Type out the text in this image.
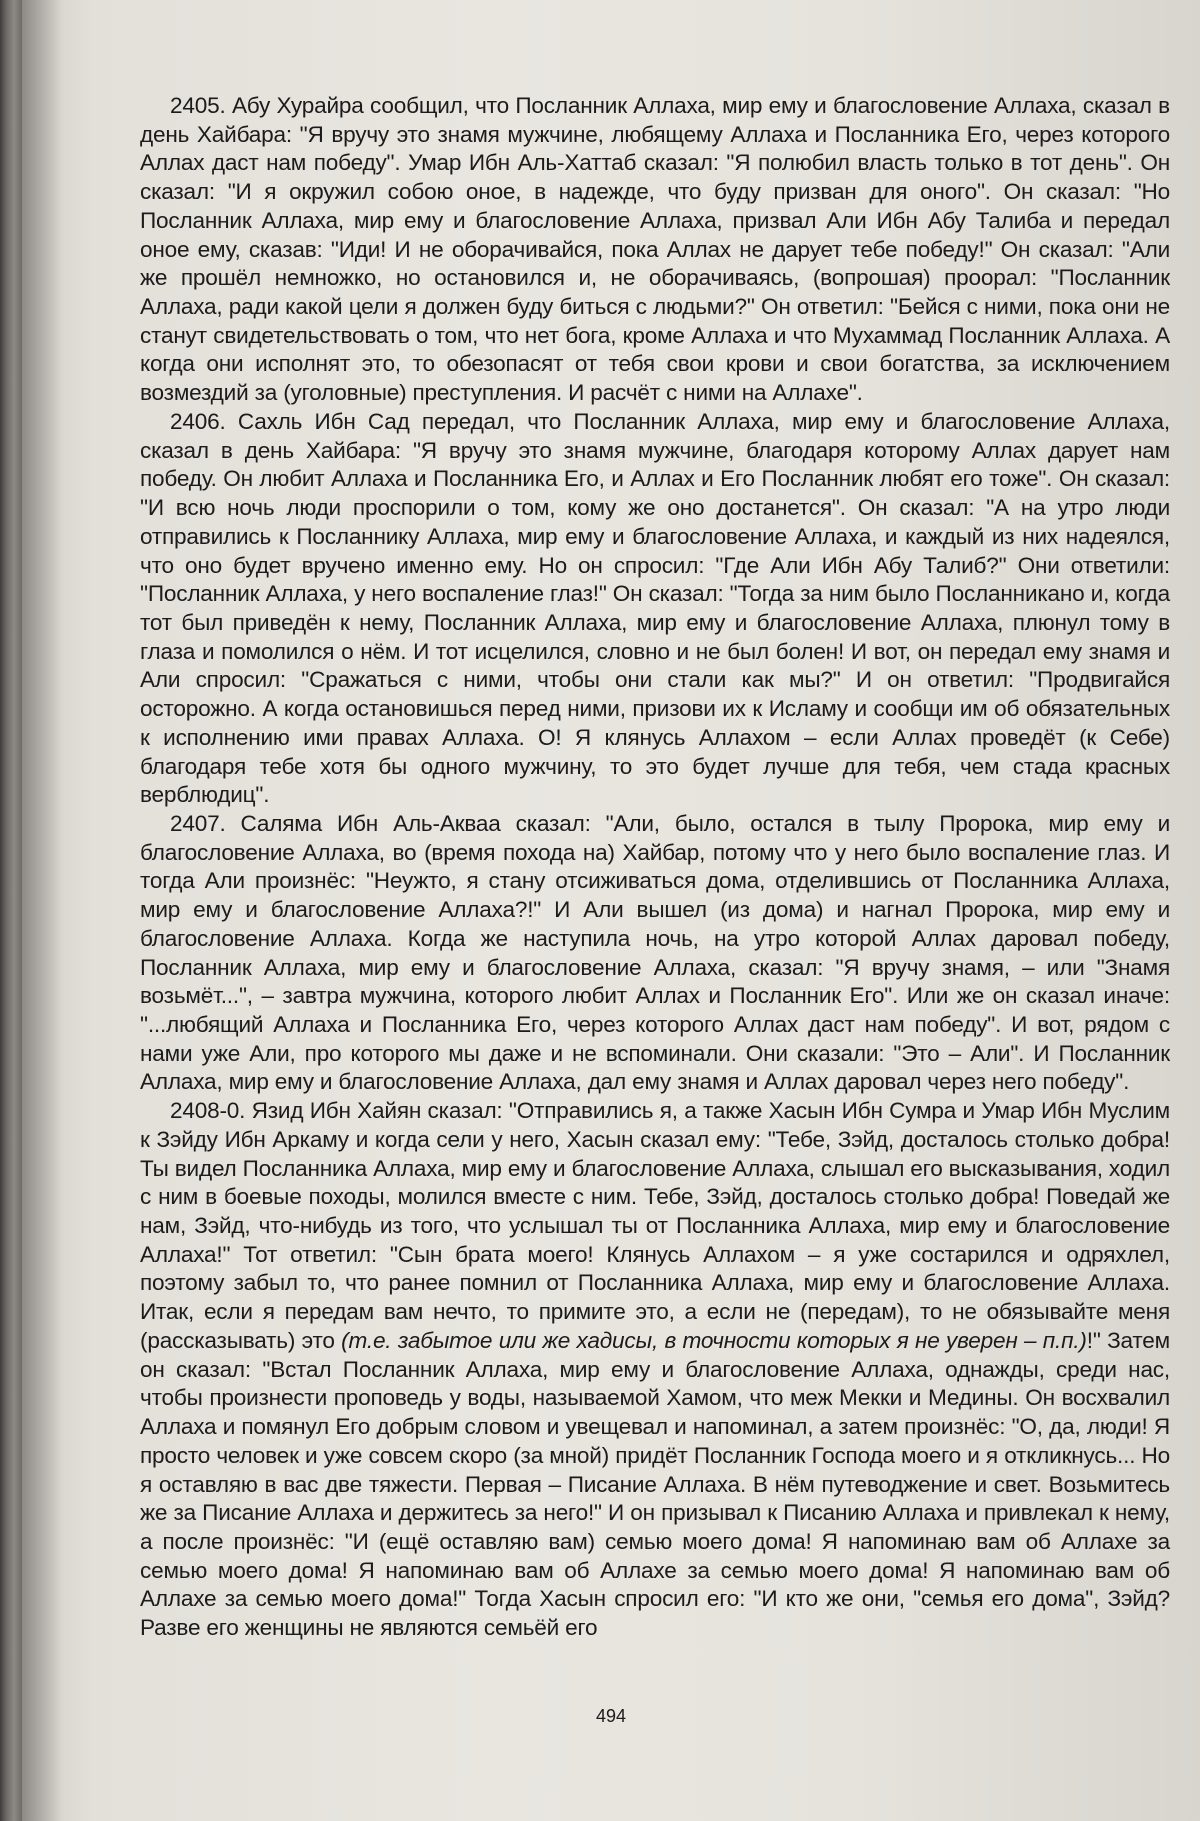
2405. Абу Хурайра сообщил, что Посланник Аллаха, мир ему и благословение Аллаха, сказал в день Хайбара: "Я вручу это знамя мужчине, любящему Аллаха и Посланника Его, через которого Аллах даст нам победу". Умар Ибн Аль-Хаттаб сказал: "Я полюбил власть только в тот день". Он сказал: "И я окружил собою оное, в надежде, что буду призван для оного". Он сказал: "Но Посланник Аллаха, мир ему и благословение Аллаха, призвал Али Ибн Абу Талиба и передал оное ему, сказав: "Иди! И не оборачивайся, пока Аллах не дарует тебе победу!" Он сказал: "Али же прошёл немножко, но остановился и, не оборачиваясь, (вопрошая) проорал: "Посланник Аллаха, ради какой цели я должен буду биться с людьми?" Он ответил: "Бейся с ними, пока они не станут свидетельствовать о том, что нет бога, кроме Аллаха и что Мухаммад Посланник Аллаха. А когда они исполнят это, то обезопасят от тебя свои крови и свои богатства, за исключением возмездий за (уголовные) преступления. И расчёт с ними на Аллахе".

2406. Сахль Ибн Сад передал, что Посланник Аллаха, мир ему и благословение Аллаха, сказал в день Хайбара: "Я вручу это знамя мужчине, благодаря которому Аллах дарует нам победу. Он любит Аллаха и Посланника Его, и Аллах и Его Посланник любят его тоже". Он сказал: "И всю ночь люди проспорили о том, кому же оно достанется". Он сказал: "А на утро люди отправились к Посланнику Аллаха, мир ему и благословение Аллаха, и каждый из них надеялся, что оно будет вручено именно ему. Но он спросил: "Где Али Ибн Абу Талиб?" Они ответили: "Посланник Аллаха, у него воспаление глаз!" Он сказал: "Тогда за ним было Посланникано и, когда тот был приведён к нему, Посланник Аллаха, мир ему и благословение Аллаха, плюнул тому в глаза и помолился о нём. И тот исцелился, словно и не был болен! И вот, он передал ему знамя и Али спросил: "Сражаться с ними, чтобы они стали как мы?" И он ответил: "Продвигайся осторожно. А когда остановишься перед ними, призови их к Исламу и сообщи им об обязательных к исполнению ими правах Аллаха. О! Я клянусь Аллахом – если Аллах проведёт (к Себе) благодаря тебе хотя бы одного мужчину, то это будет лучше для тебя, чем стада красных верблюдиц".

2407. Саляма Ибн Аль-Акваа сказал: "Али, было, остался в тылу Пророка, мир ему и благословение Аллаха, во (время похода на) Хайбар, потому что у него было воспаление глаз. И тогда Али произнёс: "Неужто, я стану отсиживаться дома, отделившись от Посланника Аллаха, мир ему и благословение Аллаха?!" И Али вышел (из дома) и нагнал Пророка, мир ему и благословение Аллаха. Когда же наступила ночь, на утро которой Аллах даровал победу, Посланник Аллаха, мир ему и благословение Аллаха, сказал: "Я вручу знамя, – или "Знамя возьмёт...", – завтра мужчина, которого любит Аллах и Посланник Его". Или же он сказал иначе: "...любящий Аллаха и Посланника Его, через которого Аллах даст нам победу". И вот, рядом с нами уже Али, про которого мы даже и не вспоминали. Они сказали: "Это – Али". И Посланник Аллаха, мир ему и благословение Аллаха, дал ему знамя и Аллах даровал через него победу".

2408-0. Язид Ибн Хайян сказал: "Отправились я, а также Хасын Ибн Сумра и Умар Ибн Муслим к Зэйду Ибн Аркаму и когда сели у него, Хасын сказал ему: "Тебе, Зэйд, досталось столько добра! Ты видел Посланника Аллаха, мир ему и благословение Аллаха, слышал его высказывания, ходил с ним в боевые походы, молился вместе с ним. Тебе, Зэйд, досталось столько добра! Поведай же нам, Зэйд, что-нибудь из того, что услышал ты от Посланника Аллаха, мир ему и благословение Аллаха!" Тот ответил: "Сын брата моего! Клянусь Аллахом – я уже состарился и одряхлел, поэтому забыл то, что ранее помнил от Посланника Аллаха, мир ему и благословение Аллаха. Итак, если я передам вам нечто, то примите это, а если не (передам), то не обязывайте меня (рассказывать) это (т.е. забытое или же хадисы, в точности которых я не уверен – п.п.)!" Затем он сказал: "Встал Посланник Аллаха, мир ему и благословение Аллаха, однажды, среди нас, чтобы произнести проповедь у воды, называемой Хамом, что меж Мекки и Медины. Он восхвалил Аллаха и помянул Его добрым словом и увещевал и напоминал, а затем произнёс: "О, да, люди! Я просто человек и уже совсем скоро (за мной) придёт Посланник Господа моего и я откликнусь... Но я оставляю в вас две тяжести. Первая – Писание Аллаха. В нём путеводжение и свет. Возьмитесь же за Писание Аллаха и держитесь за него!" И он призывал к Писанию Аллаха и привлекал к нему, а после произнёс: "И (ещё оставляю вам) семью моего дома! Я напоминаю вам об Аллахе за семью моего дома! Я напоминаю вам об Аллахе за семью моего дома! Я напоминаю вам об Аллахе за семью моего дома!" Тогда Хасын спросил его: "И кто же они, "семья его дома", Зэйд? Разве его женщины не являются семьёй его

494
